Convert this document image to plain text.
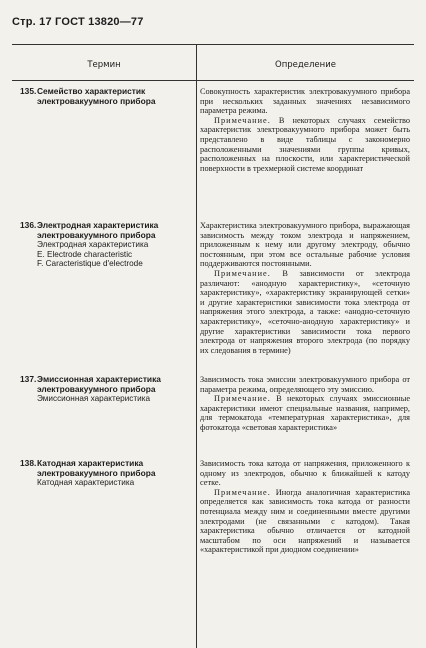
Стр. 17 ГОСТ 13820—77
Термин	Определение
135.Семейство характеристик
электровакуумного прибора

Совокупность характеристик электровакуумного прибора при нескольких заданных значениях независимого параметра режима.

Примечание. В некоторых случаях семейство характеристик электровакуумного прибора может быть представлено в виде таблицы с закономерно расположенными значениями группы кривых, расположенных на плоскости, или характеристической поверхности в трехмерной системе координат

136.Электродная характеристика
электровакуумного прибора
Электродная характеристика
E. Electrode characteristic
F. Caracteristique d'electrode

Характеристика электровакуумного прибора, выражающая зависимость между током электрода и напряжением, приложенным к нему или другому электроду, обычно постоянным, при этом все остальные рабочие условия поддерживаются постоянными.

Примечание. В зависимости от электрода различают: «анодную характеристику», «сеточную характеристику», «характеристику экранирующей сетки» и другие характеристики зависимости тока электрода от напряжения этого электрода, а также: «анодно-сеточную характеристику», «сеточно-анодную характеристику» и другие характеристики зависимости тока первого электрода от напряжения второго электрода (по порядку их следования в термине)

137.Эмиссионная характеристика
электровакуумного прибора
Эмиссионная характеристика

Зависимость тока эмиссии электровакуумного прибора от параметра режима, определяющего эту эмиссию.

Примечание. В некоторых случаях эмиссионные характеристики имеют специальные названия, например, для термокатода «температурная характеристика», для фотокатода «световая характеристика»

138.Катодная характеристика
электровакуумного прибора
Катодная характеристика

Зависимость тока катода от напряжения, приложенного к одному из электродов, обычно к ближайшей к катоду сетке.

Примечание. Иногда аналогичная характеристика определяется как зависимость тока катода от разности потенциала между ним и соединенными вместе другими электродами (не связанными с катодом). Такая характеристика обычно отличается от катодной масштабом по оси напряжений и называется «характеристикой при диодном соединении»
